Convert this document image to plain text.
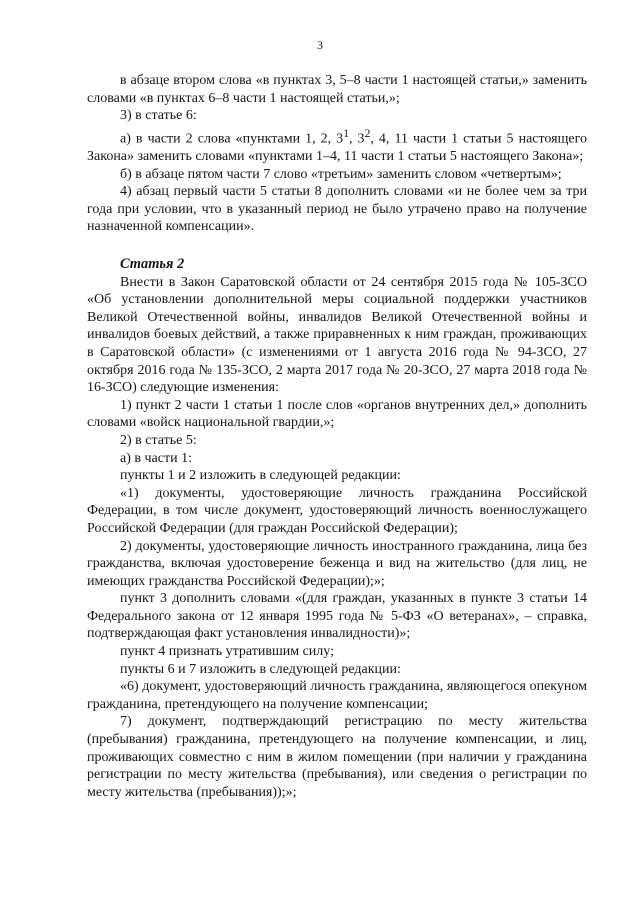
3

в абзаце втором слова «в пунктах 3, 5–8 части 1 настоящей статьи,» заменить словами «в пунктах 6–8 части 1 настоящей статьи,»;

3) в статье 6:

а) в части 2 слова «пунктами 1, 2, $3^1$, $3^2$, 4, 11 части 1 статьи 5 настоящего Закона» заменить словами «пунктами 1–4, 11 части 1 статьи 5 настоящего Закона»;

б) в абзаце пятом части 7 слово «третьим» заменить словом «четвертым»;

4) абзац первый части 5 статьи 8 дополнить словами «и не более чем за три года при условии, что в указанный период не было утрачено право на получение назначенной компенсации».

Статья 2

Внести в Закон Саратовской области от 24 сентября 2015 года № 105-ЗСО «Об установлении дополнительной меры социальной поддержки участников Великой Отечественной войны, инвалидов Великой Отечественной войны и инвалидов боевых действий, а также приравненных к ним граждан, проживающих в Саратовской области» (с изменениями от 1 августа 2016 года № 94-ЗСО, 27 октября 2016 года № 135-ЗСО, 2 марта 2017 года № 20-ЗСО, 27 марта 2018 года № 16-ЗСО) следующие изменения:

1) пункт 2 части 1 статьи 1 после слов «органов внутренних дел,» дополнить словами «войск национальной гвардии,»;

2) в статье 5:

а) в части 1:

пункты 1 и 2 изложить в следующей редакции:

«1) документы, удостоверяющие личность гражданина Российской Федерации, в том числе документ, удостоверяющий личность военнослужащего Российской Федерации (для граждан Российской Федерации);

2) документы, удостоверяющие личность иностранного гражданина, лица без гражданства, включая удостоверение беженца и вид на жительство (для лиц, не имеющих гражданства Российской Федерации);»;

пункт 3 дополнить словами «(для граждан, указанных в пункте 3 статьи 14 Федерального закона от 12 января 1995 года № 5-ФЗ «О ветеранах», – справка, подтверждающая факт установления инвалидности)»;

пункт 4 признать утратившим силу;

пункты 6 и 7 изложить в следующей редакции:

«6) документ, удостоверяющий личность гражданина, являющегося опекуном гражданина, претендующего на получение компенсации;

7) документ, подтверждающий регистрацию по месту жительства (пребывания) гражданина, претендующего на получение компенсации, и лиц, проживающих совместно с ним в жилом помещении (при наличии у гражданина регистрации по месту жительства (пребывания), или сведения о регистрации по месту жительства (пребывания));»;
